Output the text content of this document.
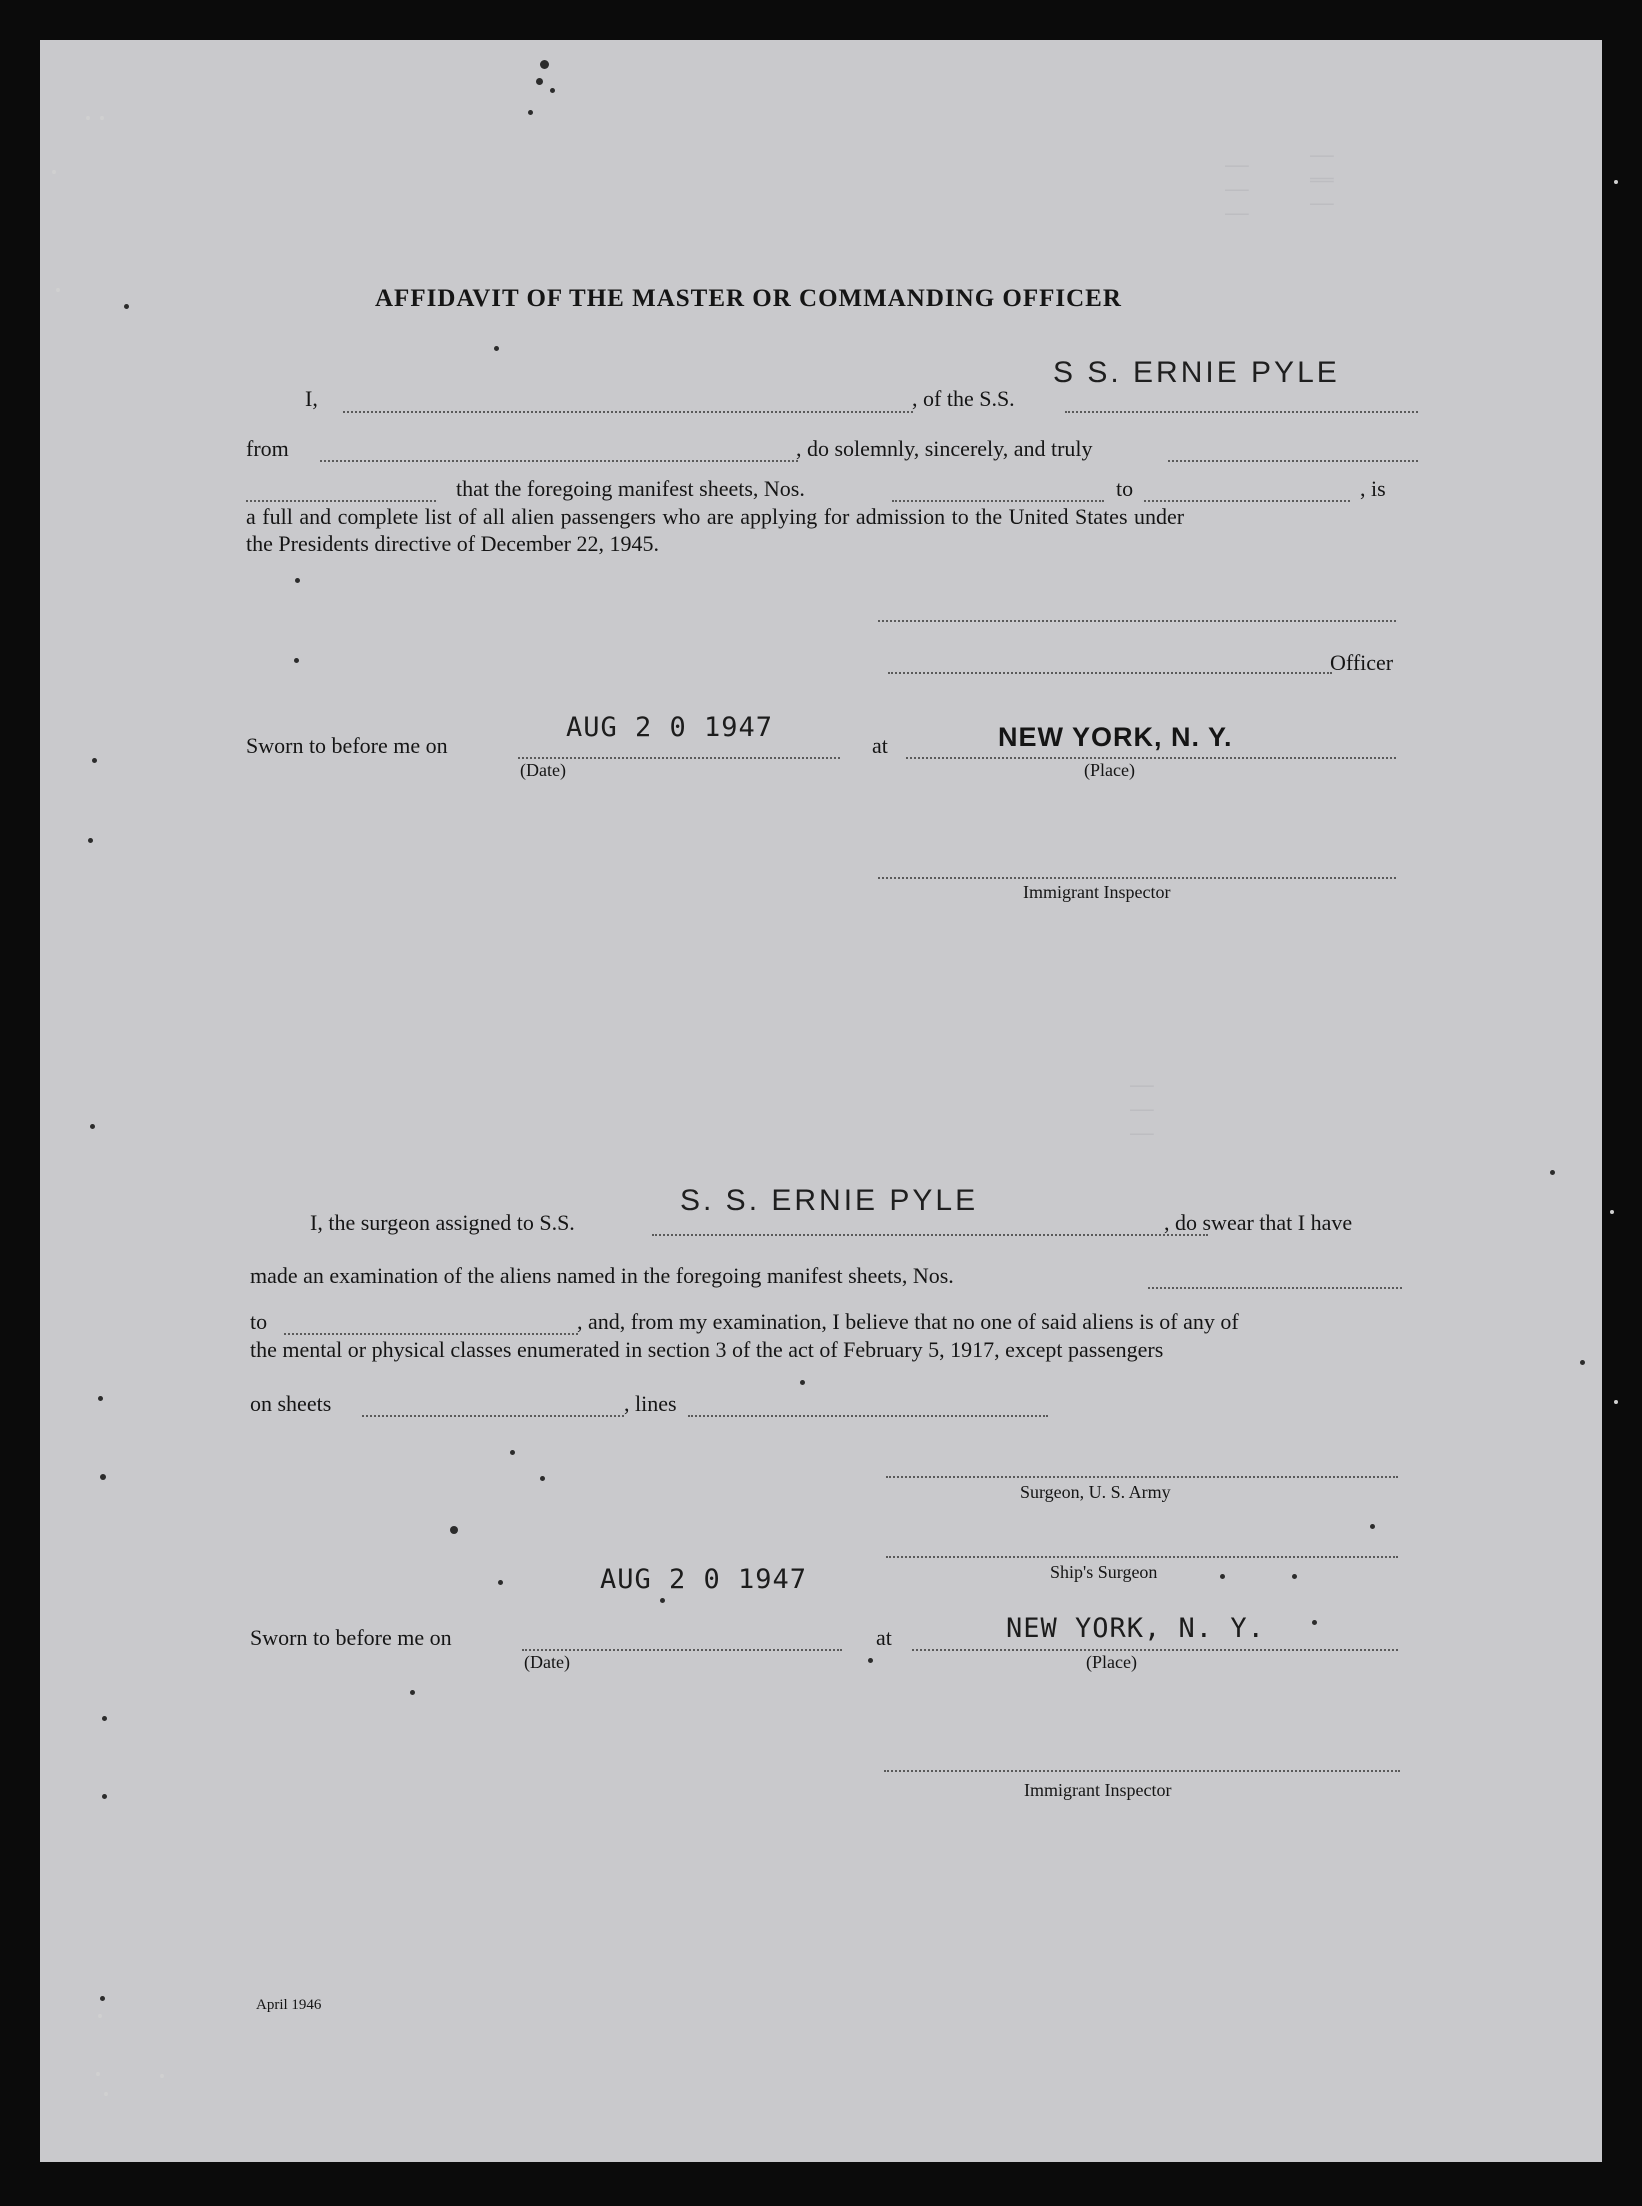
│ ║ │
│ │ │
│ │ │
AFFIDAVIT OF THE MASTER OR COMMANDING OFFICER
I,	, of the S.S.
S S. ERNIE PYLE
from	, do solemnly, sincerely, and truly
that the foregoing manifest sheets, Nos.	to	, is
a full and complete list of all alien passengers who are applying for admission to the United States under
the Presidents directive of December 22, 1945.
Officer
Sworn to before me on
AUG 2 0 1947
(Date)
at	NEW YORK, N. Y.
(Place)
Immigrant Inspector
I, the surgeon assigned to S.S.
S. S. ERNIE PYLE
, do swear that I have
made an examination of the aliens named in the foregoing manifest sheets, Nos.
to	, and, from my examination, I believe that no one of said aliens is of any of
the mental or physical classes enumerated in section 3 of the act of February 5, 1917, except passengers
on sheets	, lines
Surgeon, U. S. Army
Ship's Surgeon
Sworn to before me on
AUG 2 0 1947
(Date)
at	NEW YORK, N. Y.
(Place)
Immigrant Inspector
April 1946
